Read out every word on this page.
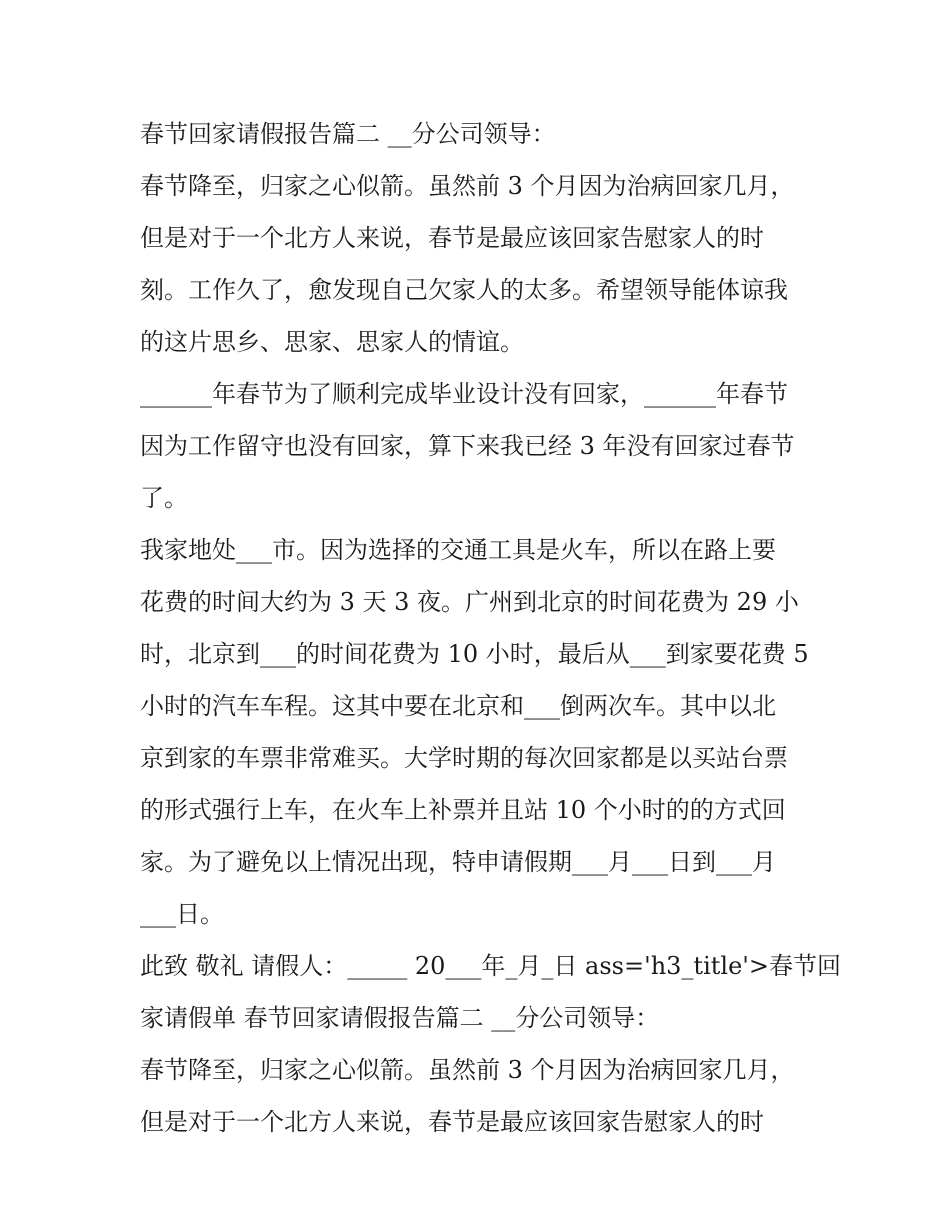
春节回家请假报告篇二 __分公司领导：
春节降至，归家之心似箭。虽然前 3 个月因为治病回家几月，
但是对于一个北方人来说，春节是最应该回家告慰家人的时
刻。工作久了，愈发现自己欠家人的太多。希望领导能体谅我
的这片思乡、思家、思家人的情谊。
______年春节为了顺利完成毕业设计没有回家，______年春节
因为工作留守也没有回家，算下来我已经 3 年没有回家过春节
了。
我家地处___市。因为选择的交通工具是火车，所以在路上要
花费的时间大约为 3 天 3 夜。广州到北京的时间花费为 29 小
时，北京到___的时间花费为 10 小时，最后从___到家要花费 5
小时的汽车车程。这其中要在北京和___倒两次车。其中以北
京到家的车票非常难买。大学时期的每次回家都是以买站台票
的形式强行上车，在火车上补票并且站 10 个小时的的方式回
家。为了避免以上情况出现，特申请假期___月___日到___月
___日。
此致 敬礼 请假人：_____ 20___年_月_日 ass='h3_title'>春节回
家请假单 春节回家请假报告篇二 __分公司领导：
春节降至，归家之心似箭。虽然前 3 个月因为治病回家几月，
但是对于一个北方人来说，春节是最应该回家告慰家人的时
